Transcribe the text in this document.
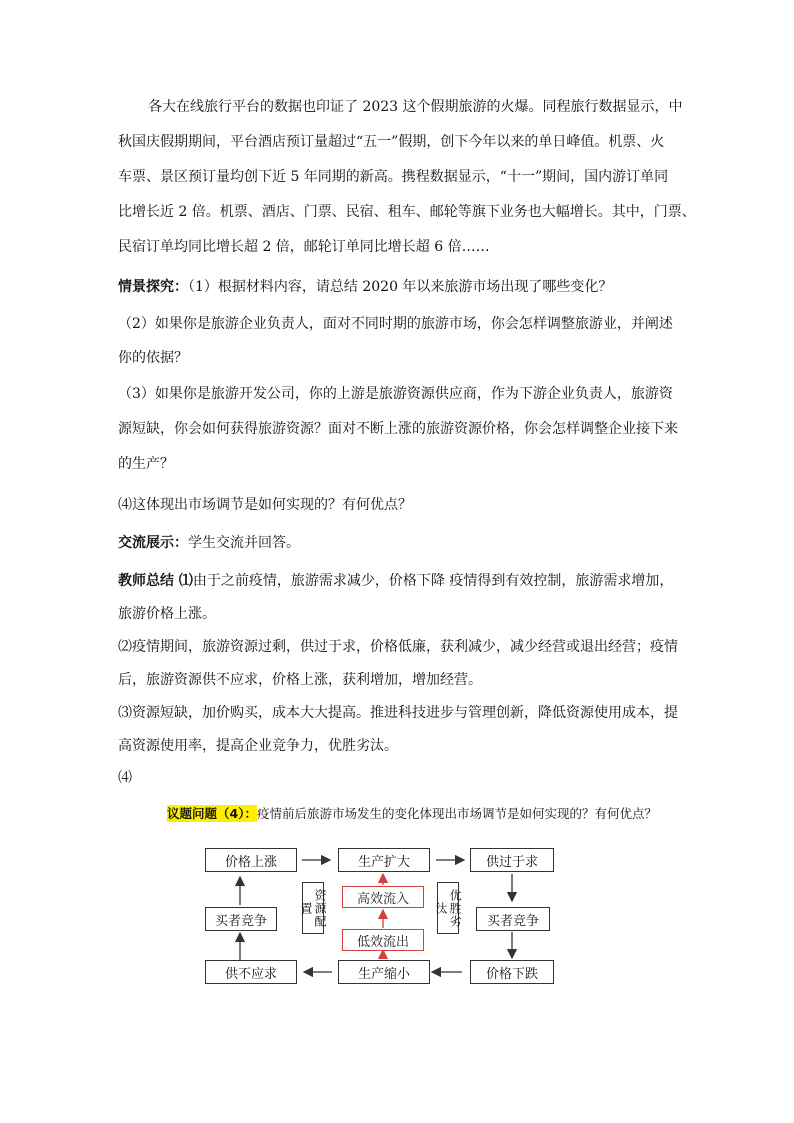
各大在线旅行平台的数据也印证了 2023 这个假期旅游的火爆。同程旅行数据显示，中

秋国庆假期期间，平台酒店预订量超过“五一”假期，创下今年以来的单日峰值。机票、火

车票、景区预订量均创下近 5 年同期的新高。携程数据显示，“十一”期间，国内游订单同

比增长近 2 倍。机票、酒店、门票、民宿、租车、邮轮等旗下业务也大幅增长。其中，门票、

民宿订单均同比增长超 2 倍，邮轮订单同比增长超 6 倍……

情景探究：（1）根据材料内容，请总结 2020 年以来旅游市场出现了哪些变化？

（2）如果你是旅游企业负责人，面对不同时期的旅游市场，你会怎样调整旅游业，并阐述

你的依据？

（3）如果你是旅游开发公司，你的上游是旅游资源供应商，作为下游企业负责人，旅游资

源短缺，你会如何获得旅游资源？面对不断上涨的旅游资源价格，你会怎样调整企业接下来

的生产？

⑷这体现出市场调节是如何实现的？有何优点？

交流展示：学生交流并回答。

教师总结 ⑴由于之前疫情，旅游需求减少，价格下降 疫情得到有效控制，旅游需求增加，

旅游价格上涨。

⑵疫情期间，旅游资源过剩，供过于求，价格低廉，获利减少，减少经营或退出经营；疫情

后，旅游资源供不应求，价格上涨，获利增加，增加经营。

⑶资源短缺，加价购买，成本大大提高。推进科技进步与管理创新，降低资源使用成本，提

高资源使用率，提高企业竞争力，优胜劣汰。

⑷

议题问题（4）：疫情前后旅游市场发生的变化体现出市场调节是如何实现的？有何优点？
价格上涨	生产扩大	供过于求
买者竞争	资源配置
高效流入
低效流出
优胜劣汰
买者竞争
供不应求	生产缩小	价格下跌
